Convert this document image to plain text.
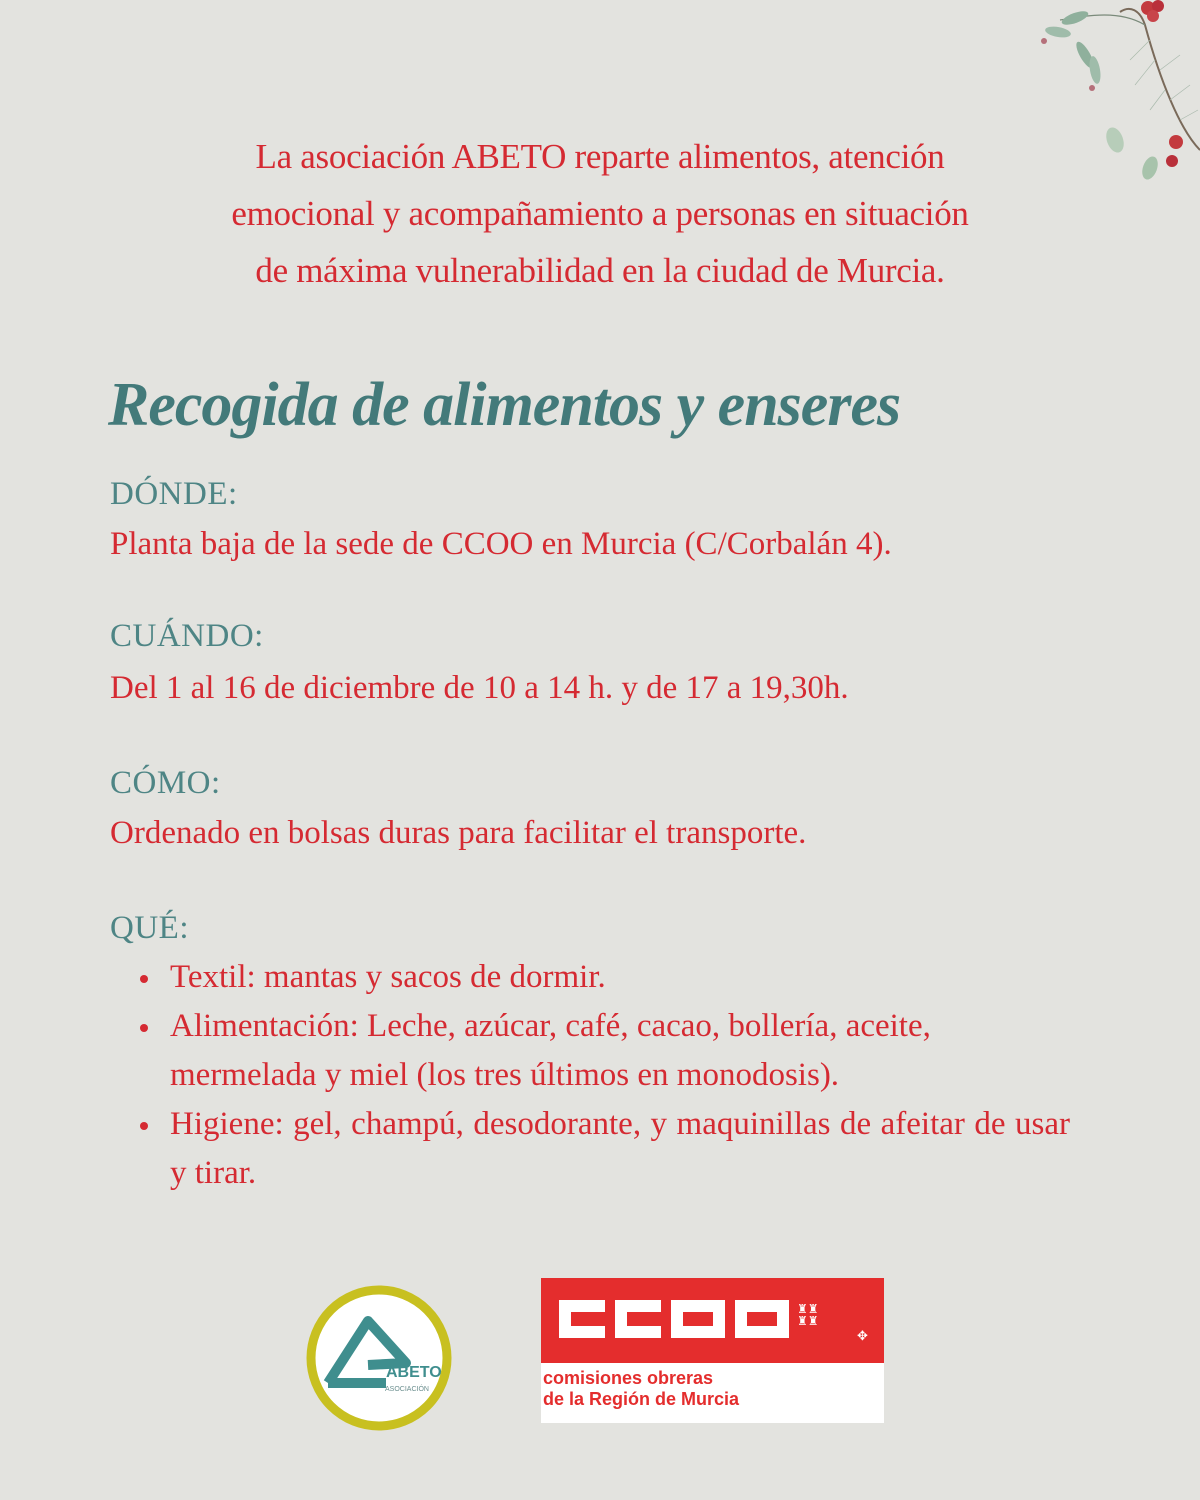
La asociación ABETO reparte alimentos, atención
emocional y acompañamiento a personas en situación
de máxima vulnerabilidad en la ciudad de Murcia.
Recogida de alimentos y enseres
DÓNDE:
Planta baja de la sede de CCOO en Murcia (C/Corbalán 4).
CUÁNDO:
Del 1 al 16 de diciembre de 10 a 14 h. y de 17 a 19,30h.
CÓMO:
Ordenado en bolsas duras para facilitar el transporte.
QUÉ:
Textil: mantas y sacos de dormir.
Alimentación: Leche, azúcar, café, cacao, bollería, aceite, mermelada y miel (los tres últimos en monodosis).
Higiene: gel, champú, desodorante, y maquinillas de afeitar de usar y tirar.
ABETO
ASOCIACIÓN
♜♜
♜♜
✥
comisiones obreras
de la Región de Murcia
